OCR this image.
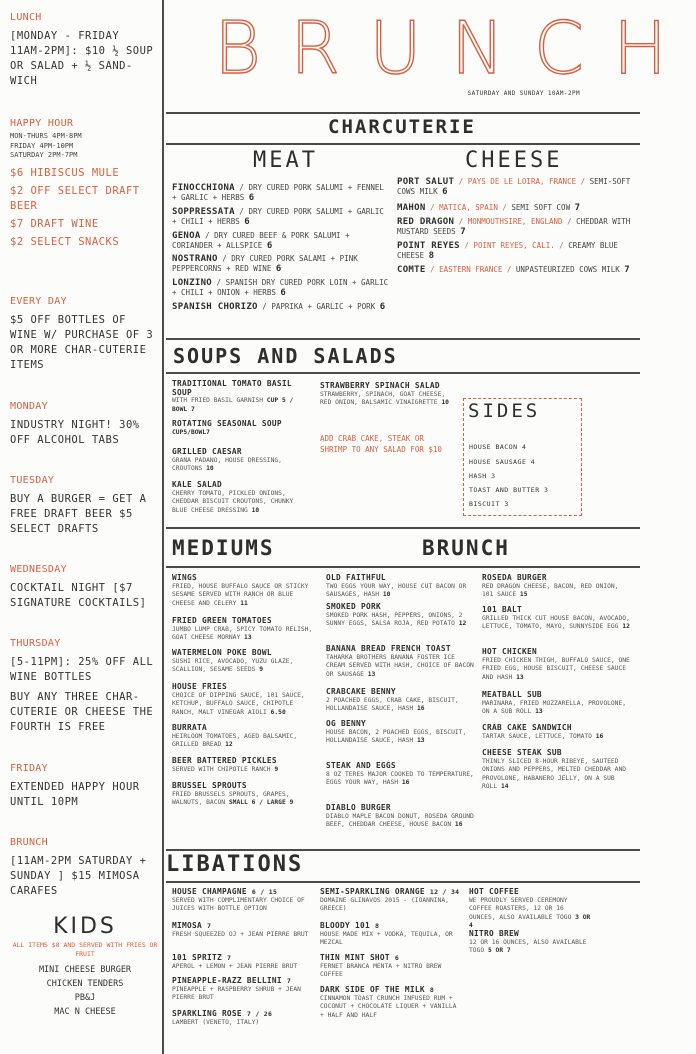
LUNCH
[MONDAY - FRIDAY 11AM-2PM]: $10 ½ SOUP OR SALAD + ½ SAND-WICH
HAPPY HOUR
MON-THURS 4PM-8PM
FRIDAY 4PM-10PM
SATURDAY 2PM-7PM
$6 HIBISCUS MULE
$2 OFF SELECT DRAFT BEER
$7 DRAFT WINE
$2 SELECT SNACKS
EVERY DAY
$5 OFF BOTTLES OF WINE W/ PURCHASE OF 3 OR MORE CHAR-CUTERIE ITEMS
MONDAY
INDUSTRY NIGHT! 30% OFF ALCOHOL TABS
TUESDAY
BUY A BURGER = GET A FREE DRAFT BEER $5 SELECT DRAFTS
WEDNESDAY
COCKTAIL NIGHT [$7 SIGNATURE COCKTAILS]
THURSDAY
[5-11PM]: 25% OFF ALL WINE BOTTLES
BUY ANY THREE CHAR-CUTERIE OR CHEESE THE FOURTH IS FREE
FRIDAY
EXTENDED HAPPY HOUR UNTIL 10PM
BRUNCH
[11AM-2PM SATURDAY + SUNDAY ] $15 MIMOSA CARAFES
KIDS
ALL ITEMS $8 AND SERVED WITH FRIES OR FRUIT
MINI CHEESE BURGER
CHICKEN TENDERS
PB&J
MAC N CHEESE
BRUNCH
SATURDAY AND SUNDAY 10AM-2PM
CHARCUTERIE
MEAT	CHEESE
SOUPS AND SALADS
ADD CRAB CAKE, STEAK OR SHRIMP TO ANY SALAD FOR $10
SIDES
MEDIUMS	BRUNCH
LIBATIONS
FINOCCHIONA / DRY CURED PORK SALUMI + FENNEL + GARLIC + HERBS 6
SOPPRESSATA / DRY CURED PORK SALUMI + GARLIC + CHILI + HERBS 6
GENOA / DRY CURED BEEF & PORK SALUMI + CORIANDER + ALLSPICE 6
NOSTRANO / DRY CURED PORK SALAMI + PINK PEPPERCORNS + RED WINE 6
LONZINO / SPANISH DRY CURED PORK LOIN + GARLIC + CHILI + ONION + HERBS 6
SPANISH CHORIZO / PAPRIKA + GARLIC + PORK 6
PORT SALUT / PAYS DE LE LOIRA, FRANCE / SEMI-SOFT COWS MILK 6
MAHON / MATICA, SPAIN / SEMI SOFT COW 7
RED DRAGON / MONMOUTHSIRE, ENGLAND / CHEDDAR WITH MUSTARD SEEDS 7
POINT REYES / POINT REYES, CALI. / CREAMY BLUE CHEESE 8
COMTE / EASTERN FRANCE / UNPASTEURIZED COWS MILK 7
TRADITIONAL TOMATO BASIL SOUP
WITH FRIED BASIL GARNISH CUP 5 / BOWL 7
ROTATING SEASONAL SOUP
CUP5/BOWL7
GRILLED CAESAR
GRANA PADANO, HOUSE DRESSING, CROUTONS 10
KALE SALAD
CHERRY TOMATO, PICKLED ONIONS, CHEDDAR BISCUIT CROUTONS, CHUNKY BLUE CHEESE DRESSING 10
STRAWBERRY SPINACH SALAD
STRAWBERRY, SPINACH, GOAT CHEESE, RED ONION, BALSAMIC VINAIGRETTE 10
HOUSE BACON 4
HOUSE SAUSAGE 4
HASH 3
TOAST AND BUTTER 3
BISCUIT 3
WINGS
FRIED, HOUSE BUFFALO SAUCE OR STICKY SESAME SERVED WITH RANCH OR BLUE CHEESE AND CELERY 11
FRIED GREEN TOMATOES
JUMBO LUMP CRAB, SPICY TOMATO RELISH, GOAT CHEESE MORNAY 13
WATERMELON POKE BOWL
SUSHI RICE, AVOCADO, YUZU GLAZE, SCALLION, SESAME SEEDS 9
HOUSE FRIES
CHOICE OF DIPPING SAUCE, 101 SAUCE, KETCHUP, BUFFALO SAUCE, CHIPOTLE RANCH, MALT VINEGAR AIOLI 6.50
BURRATA
HEIRLOOM TOMATOES, AGED BALSAMIC, GRILLED BREAD 12
BEER BATTERED PICKLES
SERVED WITH CHIPOTLE RANCH 9
BRUSSEL SPROUTS
FRIED BRUSSELS SPROUTS, GRAPES, WALNUTS, BACON SMALL 6 / LARGE 9
OLD FAITHFUL
TWO EGGS YOUR WAY, HOUSE CUT BACON OR SAUSAGES, HASH 10
SMOKED PORK
SMOKED PORK HASH, PEPPERS, ONIONS, 2 SUNNY EGGS, SALSA ROJA, RED POTATO 12
BANANA BREAD FRENCH TOAST
TAHARKA BROTHERS BANANA FOSTER ICE CREAM SERVED WITH HASH, CHOICE OF BACON OR SAUSAGE 13
CRABCAKE BENNY
2 POACHED EGGS, CRAB CAKE, BISCUIT, HOLLANDAISE SAUCE, HASH 16
OG BENNY
HOUSE BACON, 2 POACHED EGGS, BISCUIT, HOLLANDAISE SAUCE, HASH 13
STEAK AND EGGS
8 OZ TERES MAJOR COOKED TO TEMPERATURE, EGGS YOUR WAY, HASH 16
DIABLO BURGER
DIABLO MAPLE BACON DONUT, ROSEDA GROUND BEEF, CHEDDAR CHEESE, HOUSE BACON 16
ROSEDA BURGER
RED DRAGON CHEESE, BACON, RED ONION, 101 SAUCE 15
101 BALT
GRILLED THICK CUT HOUSE BACON, AVOCADO, LETTUCE, TOMATO, MAYO, SUNNYSIDE EGG 12
HOT CHICKEN
FRIED CHICKEN THIGH, BUFFALO SAUCE, ONE FRIED EGG, HOUSE BISCUIT, CHEESE SAUCE AND HASH 13
MEATBALL SUB
MARINARA, FRIED MOZZARELLA, PROVOLONE, ON A SUB ROLL 13
CRAB CAKE SANDWICH
TARTAR SAUCE, LETTUCE, TOMATO 16
CHEESE STEAK SUB
THINLY SLICED 8-HOUR RIBEYE, SAUTEED ONIONS AND PEPPERS, MELTED CHEDDAR AND PROVOLONE, HABANERO JELLY, ON A SUB ROLL 14
HOUSE CHAMPAGNE 6 / 15
SERVED WITH COMPLIMENTARY CHOICE OF JUICES WITH BOTTLE OPTION
MIMOSA 7
FRESH SQUEEZED OJ + JEAN PIERRE BRUT
101 SPRITZ 7
APEROL + LEMON + JEAN PIERRE BRUT
PINEAPPLE-RAZZ BELLINI 7
PINEAPPLE + RASPBERRY SHRUB + JEAN PIERRE BRUT
SPARKLING ROSE 7 / 26
LAMBERT (VENETO, ITALY)
SEMI-SPARKLING ORANGE 12 / 34
DOMAINE GLINAVOS 2015 - (IOANNINA, GREECE)
BLOODY 101 8
HOUSE MADE MIX + VODKA, TEQUILA, OR MEZCAL
THIN MINT SHOT 6
FERNET BRANCA MENTA + NITRO BREW COFFEE
DARK SIDE OF THE MILK 8
CINNAMON TOAST CRUNCH INFUSED RUM + COCONUT + CHOCOLATE LIQUER + VANILLA + HALF AND HALF
HOT COFFEE
WE PROUDLY SERVED CEREMONY COFFEE ROASTERS, 12 OR 16 OUNCES, ALSO AVAILABLE TOGO 3 OR 4
NITRO BREW
12 OR 16 OUNCES, ALSO AVAILABLE TOGO 5 OR 7
